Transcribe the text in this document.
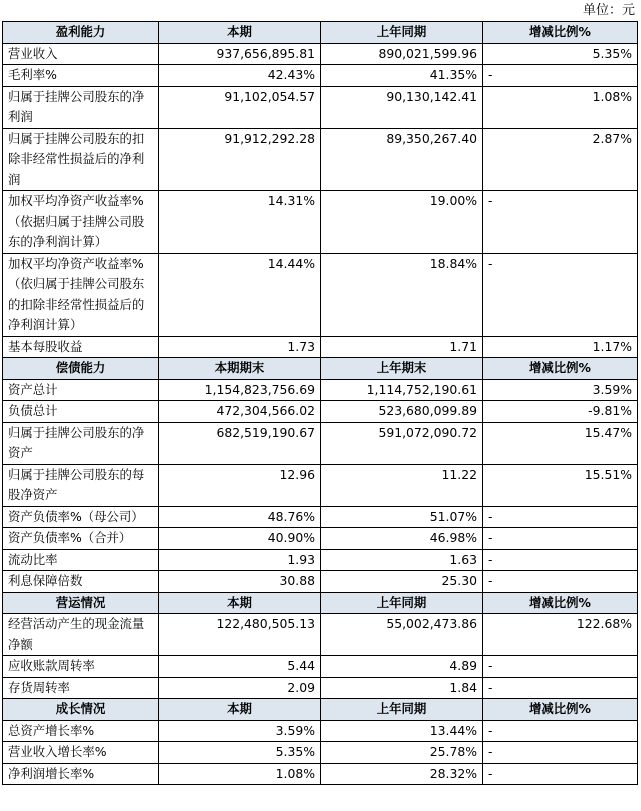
单位：元
盈利能力	本期	上年同期	增减比例%
营业收入	937,656,895.81	890,021,599.96	5.35%
毛利率%	42.43%	41.35%	-
归属于挂牌公司股东的净利润	91,102,054.57	90,130,142.41	1.08%
归属于挂牌公司股东的扣除非经常性损益后的净利润	91,912,292.28	89,350,267.40	2.87%
加权平均净资产收益率%（依据归属于挂牌公司股东的净利润计算）	14.31%	19.00%	-
加权平均净资产收益率%（依归属于挂牌公司股东的扣除非经常性损益后的净利润计算）	14.44%	18.84%	-
基本每股收益	1.73	1.71	1.17%
偿债能力	本期期末	上年期末	增减比例%
资产总计	1,154,823,756.69	1,114,752,190.61	3.59%
负债总计	472,304,566.02	523,680,099.89	-9.81%
归属于挂牌公司股东的净资产	682,519,190.67	591,072,090.72	15.47%
归属于挂牌公司股东的每股净资产	12.96	11.22	15.51%
资产负债率%（母公司）	48.76%	51.07%	-
资产负债率%（合并）	40.90%	46.98%	-
流动比率	1.93	1.63	-
利息保障倍数	30.88	25.30	-
营运情况	本期	上年同期	增减比例%
经营活动产生的现金流量净额	122,480,505.13	55,002,473.86	122.68%
应收账款周转率	5.44	4.89	-
存货周转率	2.09	1.84	-
成长情况	本期	上年同期	增减比例%
总资产增长率%	3.59%	13.44%	-
营业收入增长率%	5.35%	25.78%	-
净利润增长率%	1.08%	28.32%	-
